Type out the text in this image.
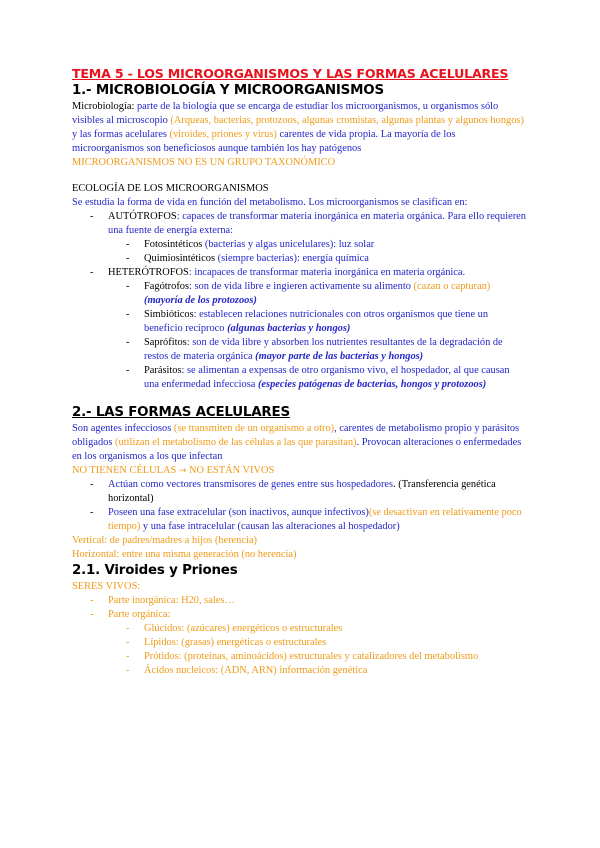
TEMA 5 - LOS MICROORGANISMOS Y LAS FORMAS ACELULARES

1.- MICROBIOLOGÍA Y MICROORGANISMOS

Microbiología: parte de la biología que se encarga de estudiar los microorganismos, u organismos sólo visibles al microscopio (Arqueas, bacterias, protozoos, algunas cromistas, algunas plantas y algunos hongos) y las formas acelulares (viroides, priones y virus) carentes de vida propia. La mayoría de los microorganismos son beneficiosos aunque también los hay patógenos

MICROORGANISMOS NO ES UN GRUPO TAXONÓMICO

ECOLOGÍA DE LOS MICROORGANISMOS

Se estudia la forma de vida en función del metabolismo. Los microorganismos se clasifican en:

- AUTÓTROFOS: capaces de transformar materia inorgánica en materia orgánica. Para ello requieren una fuente de energía externa:
- Fotosintéticos (bacterias y algas unicelulares): luz solar
- Quimiosintéticos (siempre bacterias): energía química
- HETERÓTROFOS: incapaces de transformar materia inorgánica en materia orgánica.
- Fagótrofos: son de vida libre e ingieren activamente su alimento (cazan o capturan) (mayoría de los protozoos)
- Simbióticos: establecen relaciones nutricionales con otros organismos que tiene un beneficio recíproco (algunas bacterias y hongos)
- Saprófitos: son de vida libre y absorben los nutrientes resultantes de la degradación de restos de materia orgánica (mayor parte de las bacterias y hongos)
- Parásitos: se alimentan a expensas de otro organismo vivo, el hospedador, al que causan una enfermedad infecciosa (especies patógenas de bacterias, hongos y protozoos)

2.- LAS FORMAS ACELULARES

Son agentes infecciosos (se transmiten de un organismo a otro), carentes de metabolismo propio y parásitos obligados (utilizan el metabolismo de las células a las que parasitan). Provocan alteraciones o enfermedades en los organismos a los que infectan

NO TIENEN CÉLULAS → NO ESTÁN VIVOS

- Actúan como vectores transmisores de genes entre sus hospedadores. (Transferencia genética horizontal)
- Poseen una fase extracelular (son inactivos, aunque infectivos)(se desactivan en relativamente poco tiempo) y una fase intracelular (causan las alteraciones al hospedador)

Vertical: de padres/madres a hijos (herencia)

Horizontal: entre una misma generación (no herencia)

2.1. Viroides y Priones

SERES VIVOS:

- Parte inorgánica: H20, sales…
- Parte orgánica:
- Glúcidos: (azúcares) energéticos o estructurales
- Lípidos: (grasas) energéticas o estructurales
- Prótidos: (proteínas, aminoácidos) estructurales y catalizadores del metabolismo
- Ácidos nucleicos: (ADN, ARN) información genética
